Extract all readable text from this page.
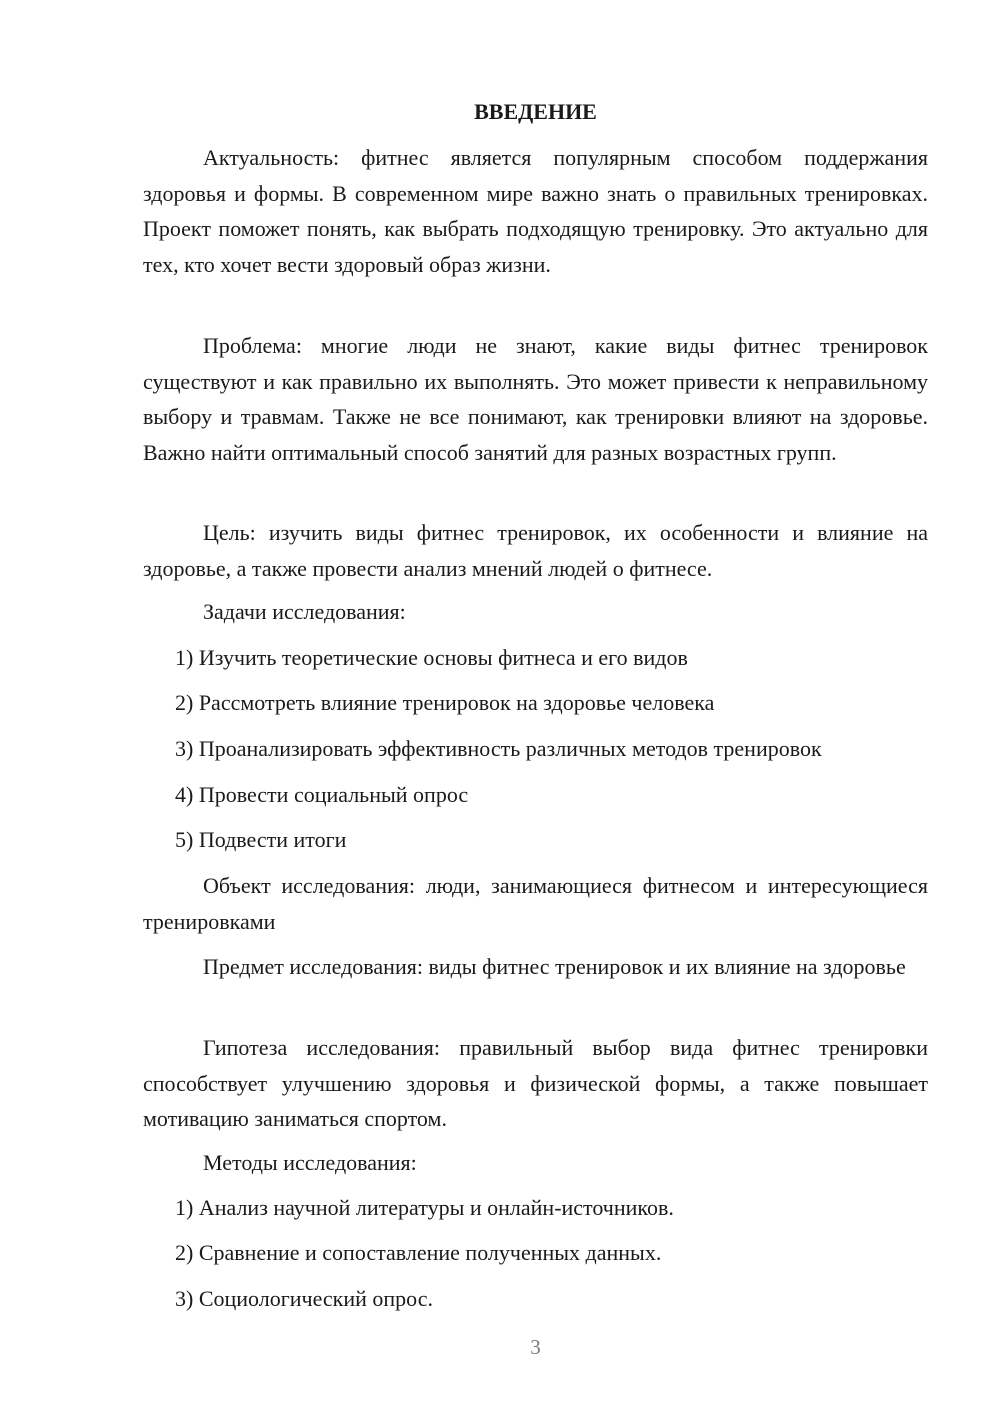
ВВЕДЕНИЕ

Актуальность: фитнес является популярным способом поддержания здоровья и формы. В современном мире важно знать о правильных тренировках. Проект поможет понять, как выбрать подходящую тренировку. Это актуально для тех, кто хочет вести здоровый образ жизни.

Проблема: многие люди не знают, какие виды фитнес тренировок существуют и как правильно их выполнять. Это может привести к неправильному выбору и травмам. Также не все понимают, как тренировки влияют на здоровье. Важно найти оптимальный способ занятий для разных возрастных групп.

Цель: изучить виды фитнес тренировок, их особенности и влияние на здоровье, а также провести анализ мнений людей о фитнесе.

Задачи исследования:

1) Изучить теоретические основы фитнеса и его видов

2) Рассмотреть влияние тренировок на здоровье человека

3) Проанализировать эффективность различных методов тренировок

4) Провести социальный опрос

5) Подвести итоги

Объект исследования: люди, занимающиеся фитнесом и интересующиеся тренировками

Предмет исследования: виды фитнес тренировок и их влияние на здоровье

Гипотеза исследования: правильный выбор вида фитнес тренировки способствует улучшению здоровья и физической формы, а также повышает мотивацию заниматься спортом.

Методы исследования:

1) Анализ научной литературы и онлайн-источников.

2) Сравнение и сопоставление полученных данных.

3) Социологический опрос.

3
